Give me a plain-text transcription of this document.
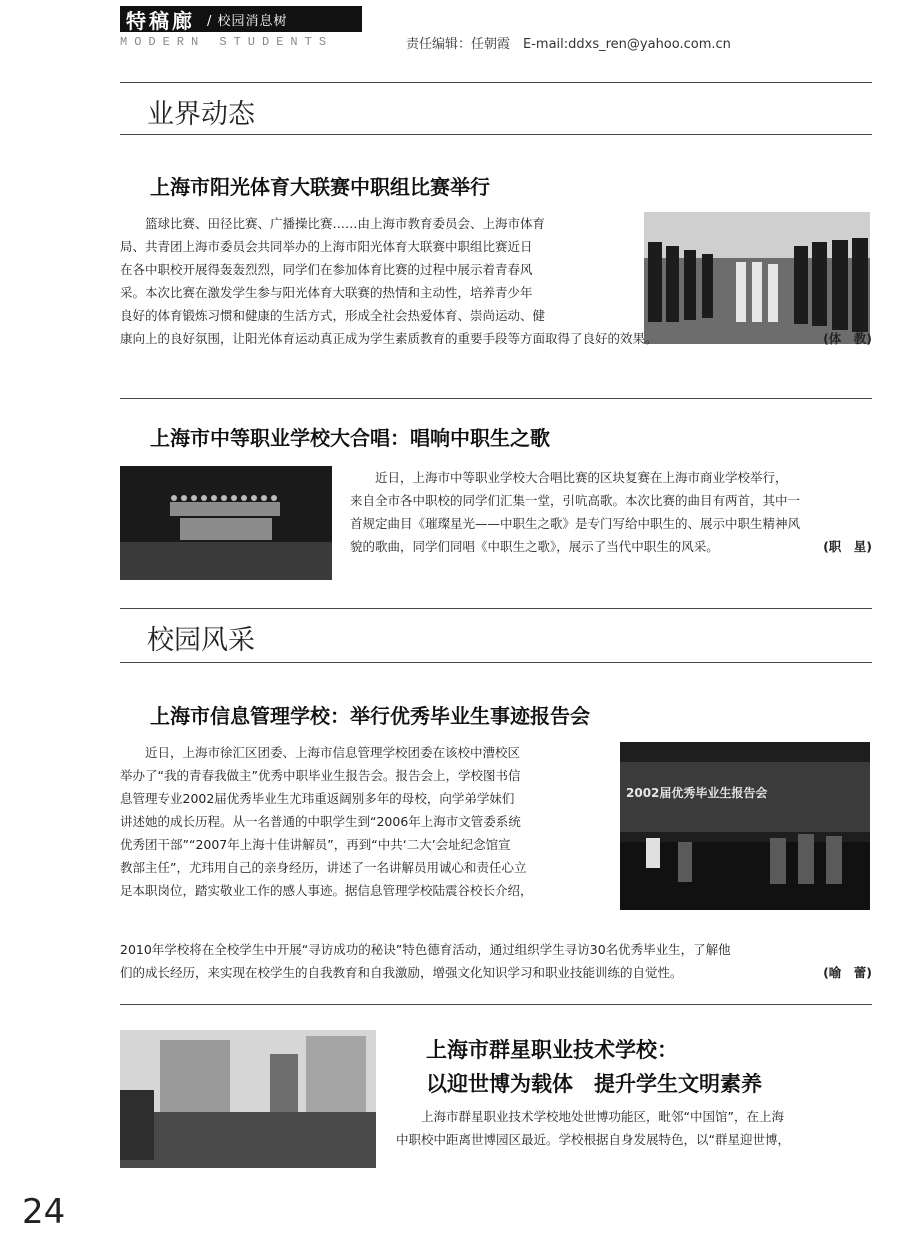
特稿廊 / 校园消息树
MODERN STUDENTS	责任编辑：任朝霞　E-mail:ddxs_ren@yahoo.com.cn
业界动态
上海市阳光体育大联赛中职组比赛举行

篮球比赛、田径比赛、广播操比赛……由上海市教育委员会、上海市体育

局、共青团上海市委员会共同举办的上海市阳光体育大联赛中职组比赛近日

在各中职校开展得轰轰烈烈，同学们在参加体育比赛的过程中展示着青春风

采。本次比赛在激发学生参与阳光体育大联赛的热情和主动性，培养青少年

良好的体育锻炼习惯和健康的生活方式，形成全社会热爱体育、崇尚运动、健

康向上的良好氛围，让阳光体育运动真正成为学生素质教育的重要手段等方面取得了良好的效果。	(体　教)

上海市中等职业学校大合唱：唱响中职生之歌

近日，上海市中等职业学校大合唱比赛的区块复赛在上海市商业学校举行，

来自全市各中职校的同学们汇集一堂，引吭高歌。本次比赛的曲目有两首，其中一

首规定曲目《璀璨星光——中职生之歌》是专门写给中职生的、展示中职生精神风

貌的歌曲，同学们同唱《中职生之歌》，展示了当代中职生的风采。	(职　星)

校园风采
上海市信息管理学校：举行优秀毕业生事迹报告会
2002届优秀毕业生报告会

近日，上海市徐汇区团委、上海市信息管理学校团委在该校中漕校区

举办了“我的青春我做主”优秀中职毕业生报告会。报告会上，学校图书信

息管理专业2002届优秀毕业生尤玮重返阔别多年的母校，向学弟学妹们

讲述她的成长历程。从一名普通的中职学生到“2006年上海市文管委系统

优秀团干部”“2007年上海十佳讲解员”，再到“中共‘二大’会址纪念馆宣

教部主任”，尤玮用自己的亲身经历，讲述了一名讲解员用诚心和责任心立

足本职岗位，踏实敬业工作的感人事迹。据信息管理学校陆震谷校长介绍，

2010年学校将在全校学生中开展“寻访成功的秘诀”特色德育活动，通过组织学生寻访30名优秀毕业生，了解他

们的成长经历，来实现在校学生的自我教育和自我激励，增强文化知识学习和职业技能训练的自觉性。	(喻　蕾)

上海市群星职业技术学校：
以迎世博为载体　提升学生文明素养

上海市群星职业技术学校地处世博功能区，毗邻“中国馆”，在上海

中职校中距离世博园区最近。学校根据自身发展特色，以“群星迎世博，

24
